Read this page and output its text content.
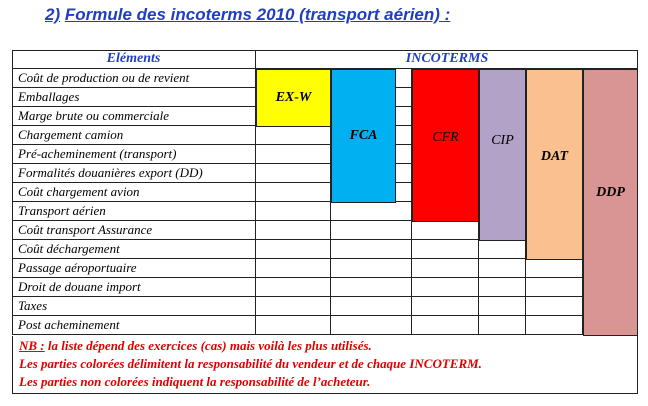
2) Formule des incoterms 2010 (transport aérien) :
Eléments	INCOTERMS
Coût de production ou de revient
Emballages
Marge brute ou commerciale
Chargement camion
Pré-acheminement (transport)
Formalités douanières export (DD)
Coût chargement avion
Transport aérien
Coût transport Assurance
Coût déchargement
Passage aéroportuaire
Droit de douane import
Taxes
Post acheminement
EX-W
FCA	CFR CIP
DAT
DDP
NB : la liste dépend des exercices (cas) mais voilà les plus utilisés.
Les parties colorées délimitent la responsabilité du vendeur et de chaque INCOTERM.
Les parties non colorées indiquent la responsabilité de l’acheteur.
